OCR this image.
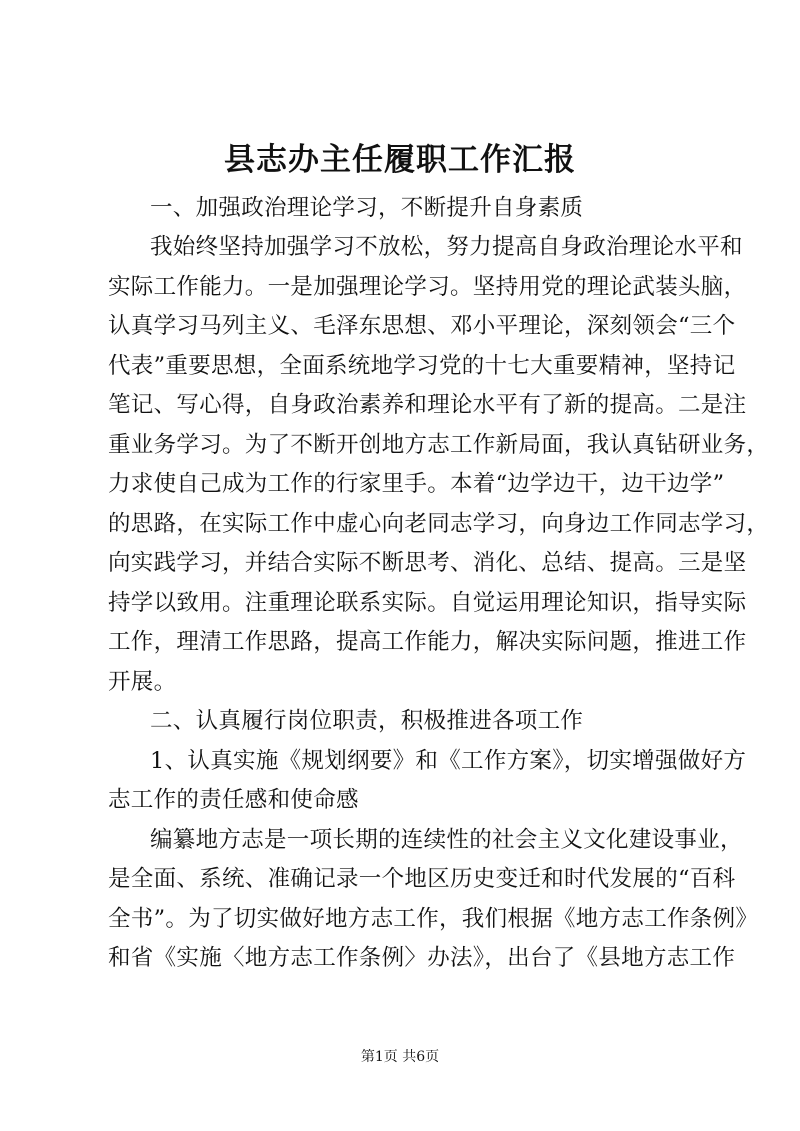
县志办主任履职工作汇报
一、加强政治理论学习，不断提升自身素质
我始终坚持加强学习不放松，努力提高自身政治理论水平和
实际工作能力。一是加强理论学习。坚持用党的理论武装头脑，
认真学习马列主义、毛泽东思想、邓小平理论，深刻领会“三个
代表”重要思想，全面系统地学习党的十七大重要精神，坚持记
笔记、写心得，自身政治素养和理论水平有了新的提高。二是注
重业务学习。为了不断开创地方志工作新局面，我认真钻研业务，
力求使自己成为工作的行家里手。本着“边学边干，边干边学”
的思路，在实际工作中虚心向老同志学习，向身边工作同志学习，
向实践学习，并结合实际不断思考、消化、总结、提高。三是坚
持学以致用。注重理论联系实际。自觉运用理论知识，指导实际
工作，理清工作思路，提高工作能力，解决实际问题，推进工作
开展。
二、认真履行岗位职责，积极推进各项工作
1、认真实施《规划纲要》和《工作方案》，切实增强做好方
志工作的责任感和使命感
编纂地方志是一项长期的连续性的社会主义文化建设事业，
是全面、系统、准确记录一个地区历史变迁和时代发展的“百科
全书”。为了切实做好地方志工作，我们根据《地方志工作条例》
和省《实施〈地方志工作条例〉办法》，出台了《县地方志工作
第1页 共6页
